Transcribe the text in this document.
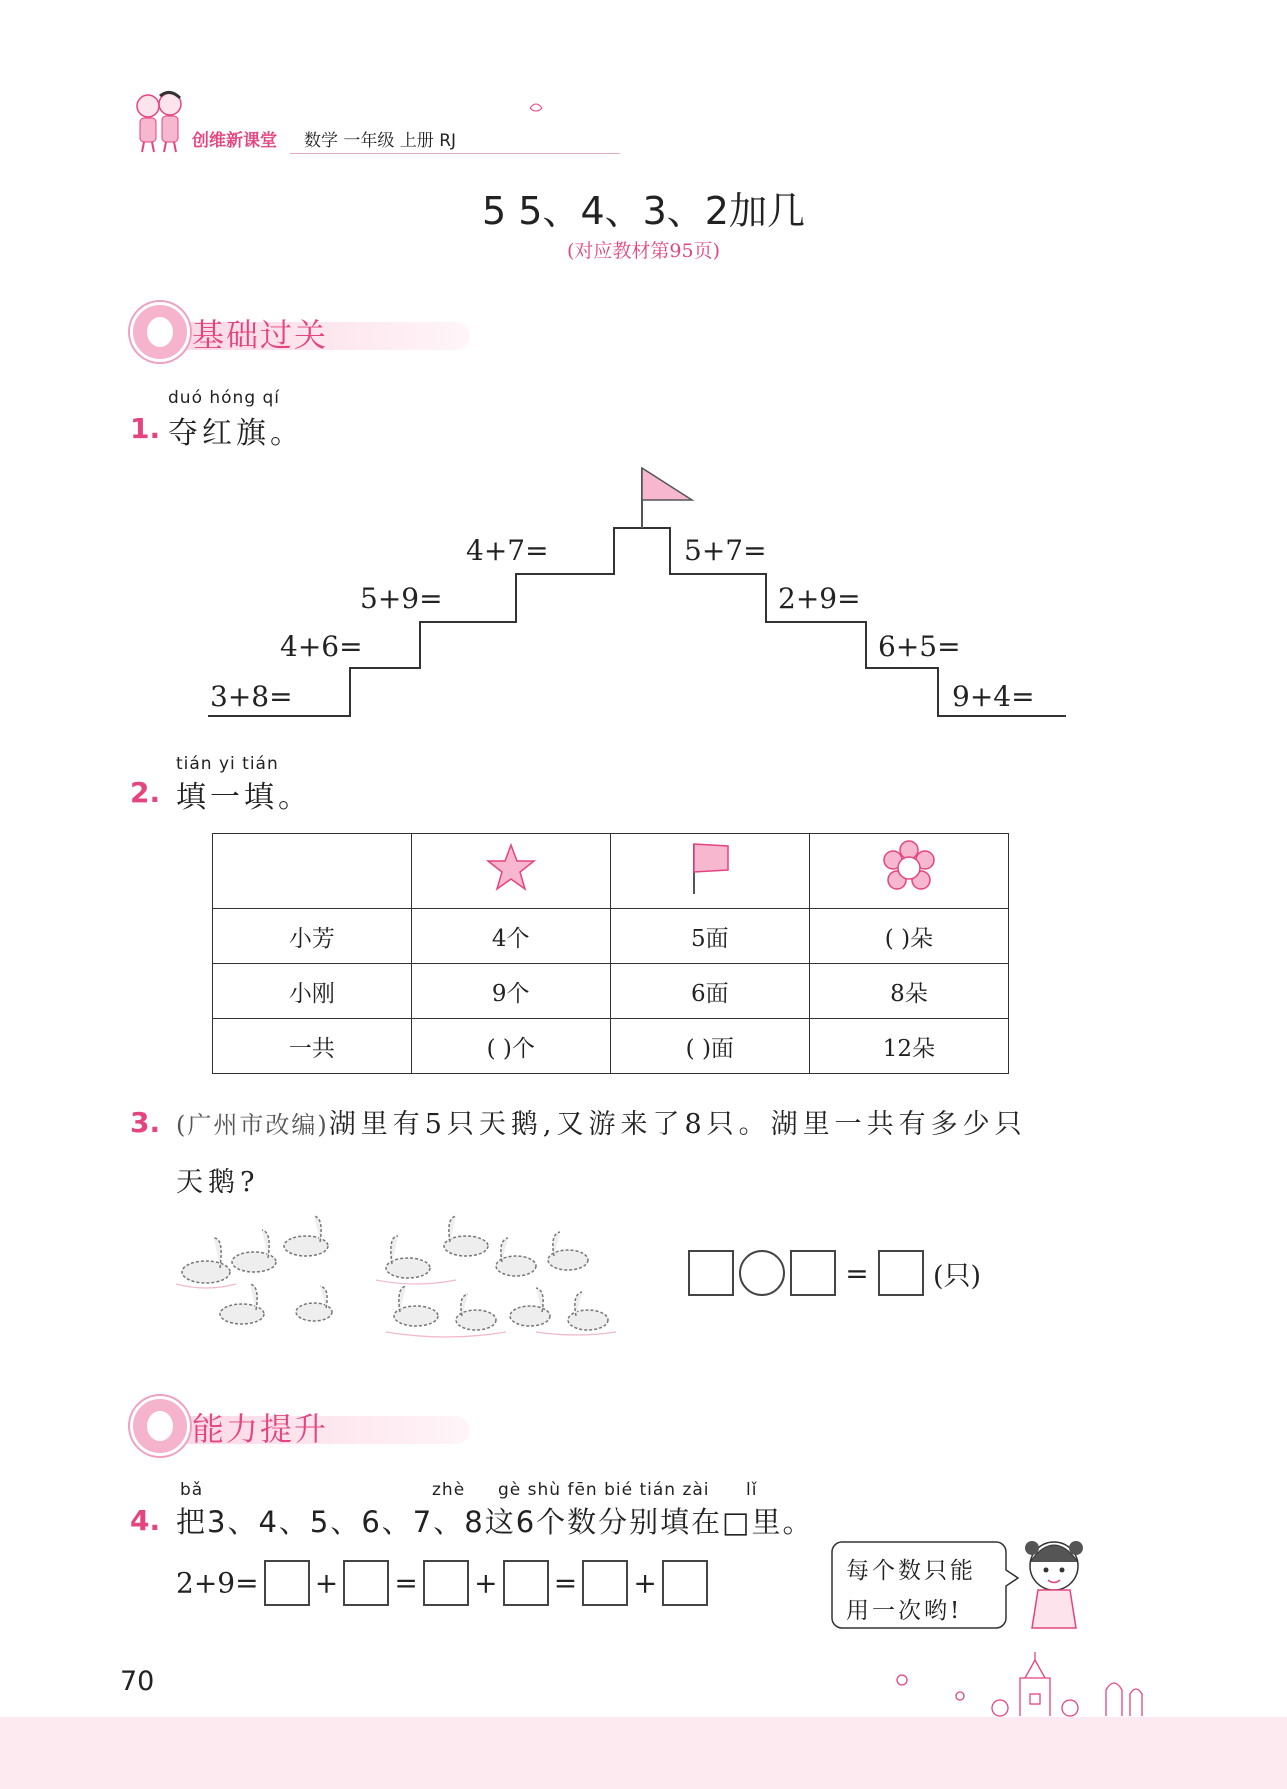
创维新课堂 数学 一年级 上册 RJ
5 5、4、3、2加几
(对应教材第95页)
基础过关
duó hóng qí
1. 夺红旗。
3+8=
4+6=
5+9=
4+7=	5+7=
2+9=
6+5=
9+4=
tián yi tián
2. 填一填。

小芳	4个	5面	( )朵
小刚	9个	6面	8朵
一共	( )个	( )面	12朵
3. (广州市改编)湖里有5只天鹅,又游来了8只。湖里一共有多少只
天鹅?
= (只)
能力提升
bǎ	zhè gè shù fēn bié tián zài lǐ
4. 把3、4、5、6、7、8这6个数分别填在□里。
2+9= + = + = +	每个数只能
用一次哟!
70
